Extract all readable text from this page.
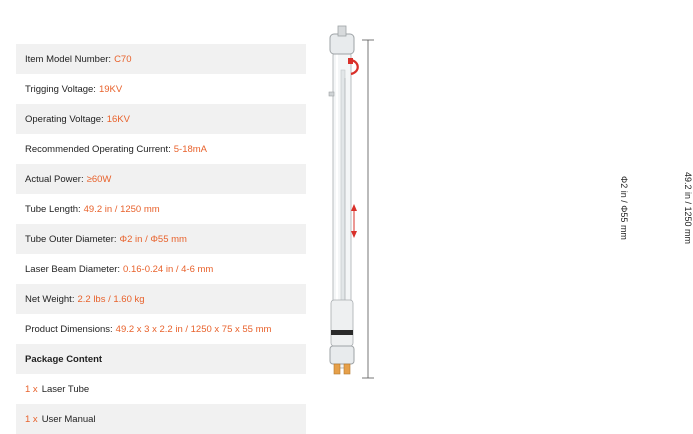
Item Model Number: C70
Trigging Voltage: 19KV
Operating Voltage: 16KV
Recommended Operating Current: 5-18mA
Actual Power: ≥60W
Tube Length: 49.2 in / 1250 mm
Tube Outer Diameter: Φ2 in / Φ55 mm
Laser Beam Diameter: 0.16-0.24 in / 4-6 mm
Net Weight: 2.2 lbs / 1.60 kg
Product Dimensions: 49.2 x 3 x 2.2 in / 1250 x 75 x 55 mm
Package Content
1 x Laser Tube
1 x User Manual
49.2 in / 1250 mm
Φ2 in / Φ55 mm
